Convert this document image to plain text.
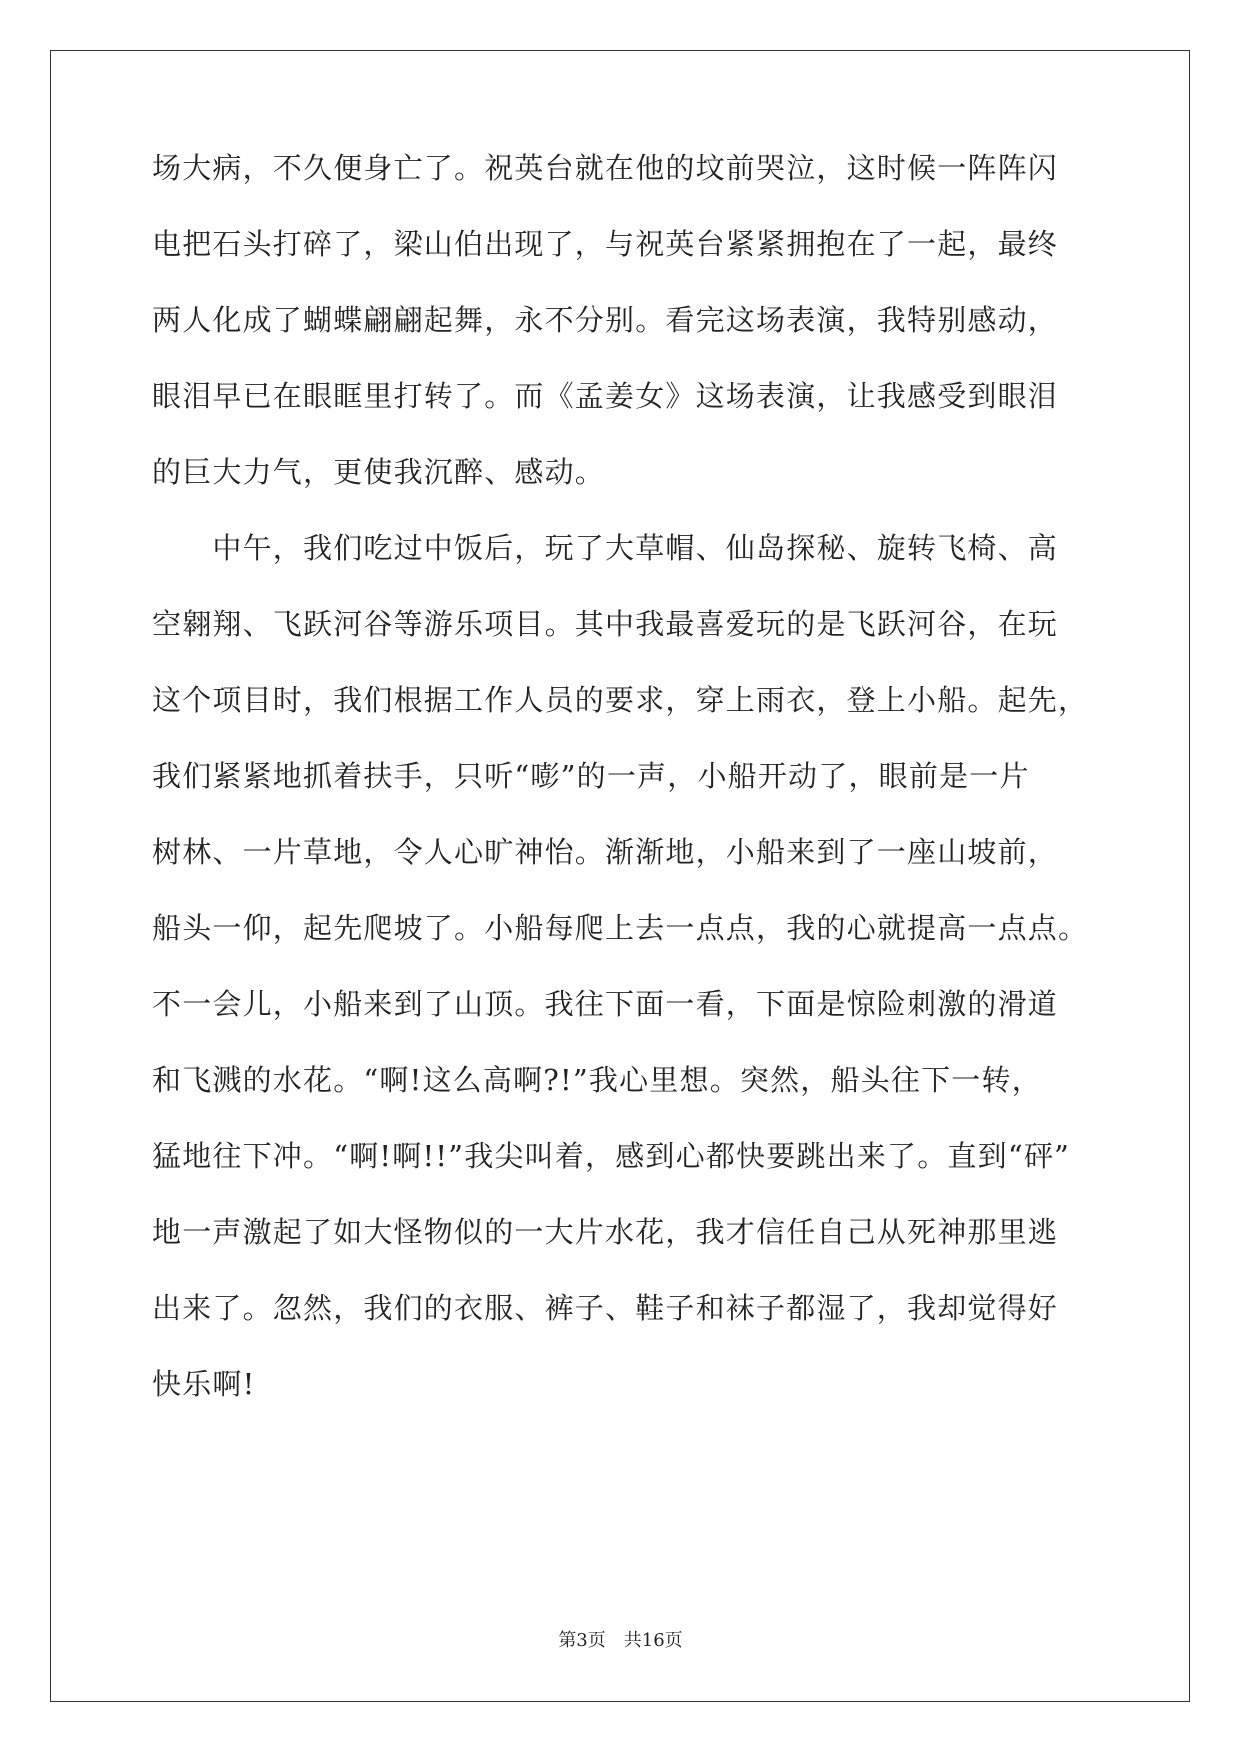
场大病，不久便身亡了。祝英台就在他的坟前哭泣，这时候一阵阵闪
电把石头打碎了，梁山伯出现了，与祝英台紧紧拥抱在了一起，最终
两人化成了蝴蝶翩翩起舞，永不分别。看完这场表演，我特别感动，
眼泪早已在眼眶里打转了。而《孟姜女》这场表演，让我感受到眼泪
的巨大力气，更使我沉醉、感动。
　　中午，我们吃过中饭后，玩了大草帽、仙岛探秘、旋转飞椅、高
空翱翔、飞跃河谷等游乐项目。其中我最喜爱玩的是飞跃河谷，在玩
这个项目时，我们根据工作人员的要求，穿上雨衣，登上小船。起先，
我们紧紧地抓着扶手，只听“嘭”的一声，小船开动了，眼前是一片
树林、一片草地，令人心旷神怡。渐渐地，小船来到了一座山坡前，
船头一仰，起先爬坡了。小船每爬上去一点点，我的心就提高一点点。
不一会儿，小船来到了山顶。我往下面一看，下面是惊险刺激的滑道
和飞溅的水花。“啊!这么高啊?!”我心里想。突然，船头往下一转，
猛地往下冲。“啊!啊!!”我尖叫着，感到心都快要跳出来了。直到“砰”
地一声激起了如大怪物似的一大片水花，我才信任自己从死神那里逃
出来了。忽然，我们的衣服、裤子、鞋子和袜子都湿了，我却觉得好
快乐啊!
第3页　 共16页
